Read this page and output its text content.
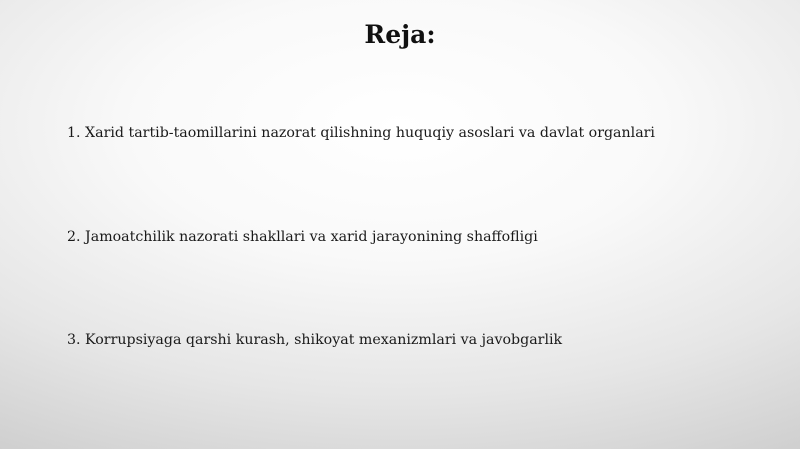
Reja:
1. Xarid tartib-taomillarini nazorat qilishning huquqiy asoslari va davlat organlari
2. Jamoatchilik nazorati shakllari va xarid jarayonining shaffofligi
3. Korrupsiyaga qarshi kurash, shikoyat mexanizmlari va javobgarlik
